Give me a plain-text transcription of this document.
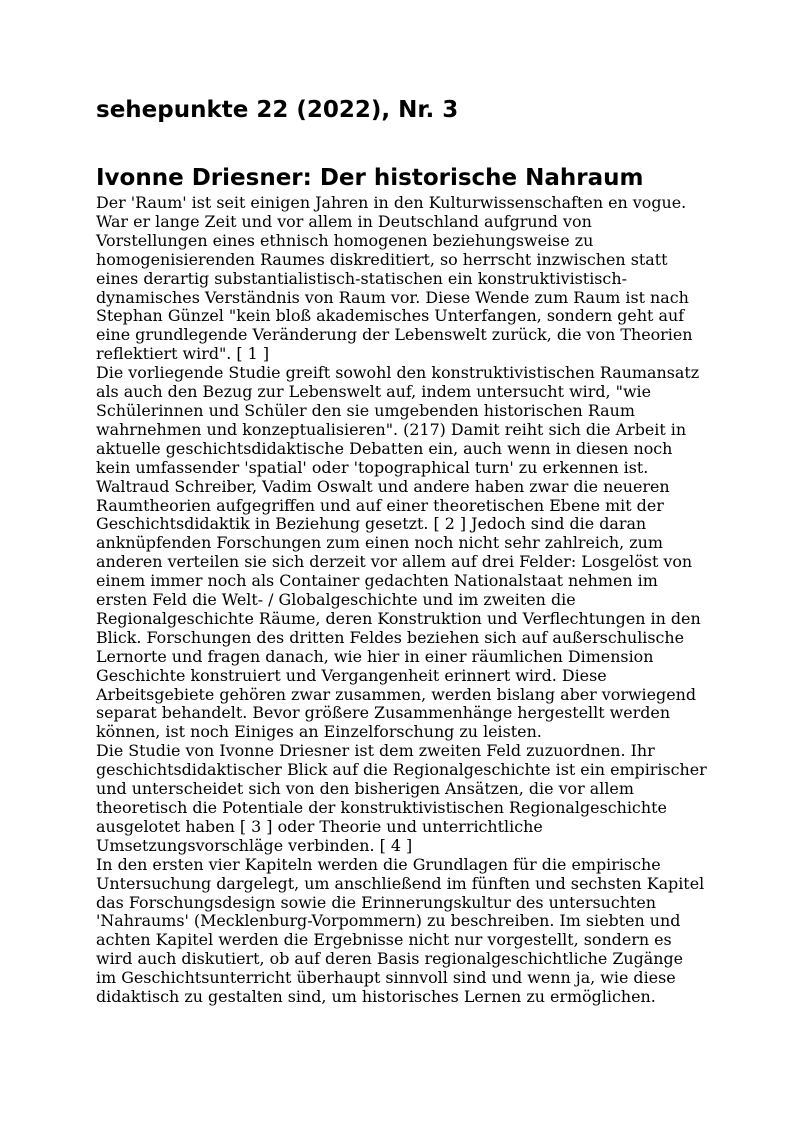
sehepunkte 22 (2022), Nr. 3
Ivonne Driesner: Der historische Nahraum

Der 'Raum' ist seit einigen Jahren in den Kulturwissenschaften en vogue. War er lange Zeit und vor allem in Deutschland aufgrund von Vorstellungen eines ethnisch homogenen beziehungsweise zu homogenisierenden Raumes diskreditiert, so herrscht inzwischen statt eines derartig substantialistisch-statischen ein konstruktivistisch-dynamisches Verständnis von Raum vor. Diese Wende zum Raum ist nach Stephan Günzel "kein bloß akademisches Unterfangen, sondern geht auf eine grundlegende Veränderung der Lebenswelt zurück, die von Theorien reflektiert wird". [ 1 ]

Die vorliegende Studie greift sowohl den konstruktivistischen Raumansatz als auch den Bezug zur Lebenswelt auf, indem untersucht wird, "wie Schülerinnen und Schüler den sie umgebenden historischen Raum wahrnehmen und konzeptualisieren". (217) Damit reiht sich die Arbeit in aktuelle geschichtsdidaktische Debatten ein, auch wenn in diesen noch kein umfassender 'spatial' oder 'topographical turn' zu erkennen ist. Waltraud Schreiber, Vadim Oswalt und andere haben zwar die neueren Raumtheorien aufgegriffen und auf einer theoretischen Ebene mit der Geschichtsdidaktik in Beziehung gesetzt. [ 2 ] Jedoch sind die daran anknüpfenden Forschungen zum einen noch nicht sehr zahlreich, zum anderen verteilen sie sich derzeit vor allem auf drei Felder: Losgelöst von einem immer noch als Container gedachten Nationalstaat nehmen im ersten Feld die Welt- / Globalgeschichte und im zweiten die Regionalgeschichte Räume, deren Konstruktion und Verflechtungen in den Blick. Forschungen des dritten Feldes beziehen sich auf außerschulische Lernorte und fragen danach, wie hier in einer räumlichen Dimension Geschichte konstruiert und Vergangenheit erinnert wird. Diese Arbeitsgebiete gehören zwar zusammen, werden bislang aber vorwiegend separat behandelt. Bevor größere Zusammenhänge hergestellt werden können, ist noch Einiges an Einzelforschung zu leisten.

Die Studie von Ivonne Driesner ist dem zweiten Feld zuzuordnen. Ihr geschichtsdidaktischer Blick auf die Regionalgeschichte ist ein empirischer und unterscheidet sich von den bisherigen Ansätzen, die vor allem theoretisch die Potentiale der konstruktivistischen Regionalgeschichte ausgelotet haben [ 3 ] oder Theorie und unterrichtliche Umsetzungsvorschläge verbinden. [ 4 ]

In den ersten vier Kapiteln werden die Grundlagen für die empirische Untersuchung dargelegt, um anschließend im fünften und sechsten Kapitel das Forschungsdesign sowie die Erinnerungskultur des untersuchten 'Nahraums' (Mecklenburg-Vorpommern) zu beschreiben. Im siebten und achten Kapitel werden die Ergebnisse nicht nur vorgestellt, sondern es wird auch diskutiert, ob auf deren Basis regionalgeschichtliche Zugänge im Geschichtsunterricht überhaupt sinnvoll sind und wenn ja, wie diese didaktisch zu gestalten sind, um historisches Lernen zu ermöglichen.
